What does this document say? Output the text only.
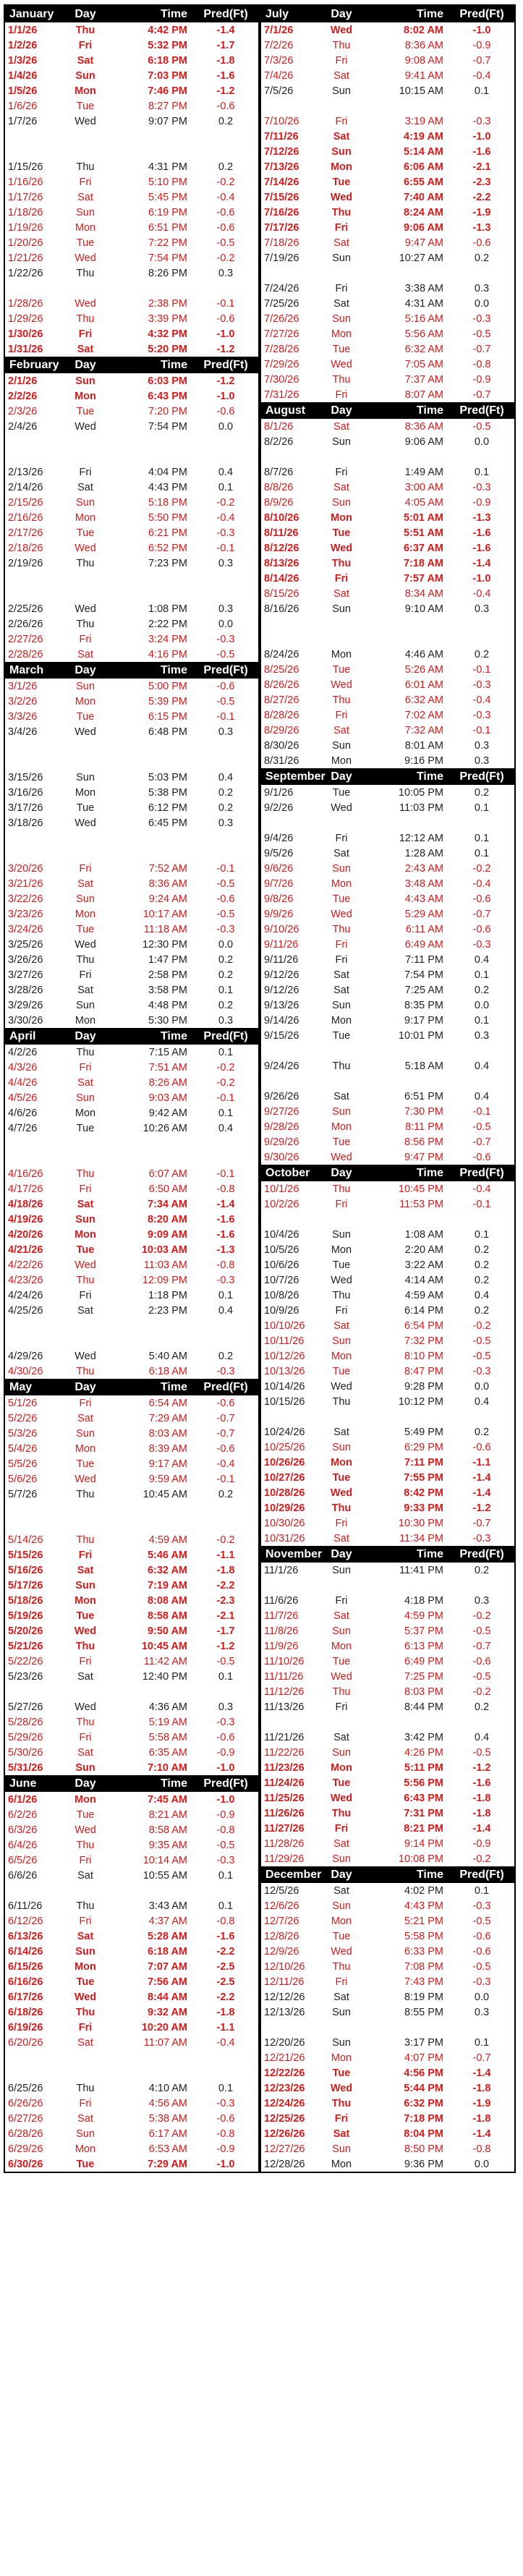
January	Day	Time	Pred(Ft)
1/1/26	Thu	4:42 PM	-1.4
1/2/26	Fri	5:32 PM	-1.7
1/3/26	Sat	6:18 PM	-1.8
1/4/26	Sun	7:03 PM	-1.6
1/5/26	Mon	7:46 PM	-1.2
1/6/26	Tue	8:27 PM	-0.6
1/7/26	Wed	9:07 PM	0.2
1/15/26	Thu	4:31 PM	0.2
1/16/26	Fri	5:10 PM	-0.2
1/17/26	Sat	5:45 PM	-0.4
1/18/26	Sun	6:19 PM	-0.6
1/19/26	Mon	6:51 PM	-0.6
1/20/26	Tue	7:22 PM	-0.5
1/21/26	Wed	7:54 PM	-0.2
1/22/26	Thu	8:26 PM	0.3
1/28/26	Wed	2:38 PM	-0.1
1/29/26	Thu	3:39 PM	-0.6
1/30/26	Fri	4:32 PM	-1.0
1/31/26	Sat	5:20 PM	-1.2
February	Day	Time	Pred(Ft)
2/1/26	Sun	6:03 PM	-1.2
2/2/26	Mon	6:43 PM	-1.0
2/3/26	Tue	7:20 PM	-0.6
2/4/26	Wed	7:54 PM	0.0
2/13/26	Fri	4:04 PM	0.4
2/14/26	Sat	4:43 PM	0.1
2/15/26	Sun	5:18 PM	-0.2
2/16/26	Mon	5:50 PM	-0.4
2/17/26	Tue	6:21 PM	-0.3
2/18/26	Wed	6:52 PM	-0.1
2/19/26	Thu	7:23 PM	0.3
2/25/26	Wed	1:08 PM	0.3
2/26/26	Thu	2:22 PM	0.0
2/27/26	Fri	3:24 PM	-0.3
2/28/26	Sat	4:16 PM	-0.5
March	Day	Time	Pred(Ft)
3/1/26	Sun	5:00 PM	-0.6
3/2/26	Mon	5:39 PM	-0.5
3/3/26	Tue	6:15 PM	-0.1
3/4/26	Wed	6:48 PM	0.3
3/15/26	Sun	5:03 PM	0.4
3/16/26	Mon	5:38 PM	0.2
3/17/26	Tue	6:12 PM	0.2
3/18/26	Wed	6:45 PM	0.3
3/20/26	Fri	7:52 AM	-0.1
3/21/26	Sat	8:36 AM	-0.5
3/22/26	Sun	9:24 AM	-0.6
3/23/26	Mon	10:17 AM	-0.5
3/24/26	Tue	11:18 AM	-0.3
3/25/26	Wed	12:30 PM	0.0
3/26/26	Thu	1:47 PM	0.2
3/27/26	Fri	2:58 PM	0.2
3/28/26	Sat	3:58 PM	0.1
3/29/26	Sun	4:48 PM	0.2
3/30/26	Mon	5:30 PM	0.3
April	Day	Time	Pred(Ft)
4/2/26	Thu	7:15 AM	0.1
4/3/26	Fri	7:51 AM	-0.2
4/4/26	Sat	8:26 AM	-0.2
4/5/26	Sun	9:03 AM	-0.1
4/6/26	Mon	9:42 AM	0.1
4/7/26	Tue	10:26 AM	0.4
4/16/26	Thu	6:07 AM	-0.1
4/17/26	Fri	6:50 AM	-0.8
4/18/26	Sat	7:34 AM	-1.4
4/19/26	Sun	8:20 AM	-1.6
4/20/26	Mon	9:09 AM	-1.6
4/21/26	Tue	10:03 AM	-1.3
4/22/26	Wed	11:03 AM	-0.8
4/23/26	Thu	12:09 PM	-0.3
4/24/26	Fri	1:18 PM	0.1
4/25/26	Sat	2:23 PM	0.4
4/29/26	Wed	5:40 AM	0.2
4/30/26	Thu	6:18 AM	-0.3
May	Day	Time	Pred(Ft)
5/1/26	Fri	6:54 AM	-0.6
5/2/26	Sat	7:29 AM	-0.7
5/3/26	Sun	8:03 AM	-0.7
5/4/26	Mon	8:39 AM	-0.6
5/5/26	Tue	9:17 AM	-0.4
5/6/26	Wed	9:59 AM	-0.1
5/7/26	Thu	10:45 AM	0.2
5/14/26	Thu	4:59 AM	-0.2
5/15/26	Fri	5:46 AM	-1.1
5/16/26	Sat	6:32 AM	-1.8
5/17/26	Sun	7:19 AM	-2.2
5/18/26	Mon	8:08 AM	-2.3
5/19/26	Tue	8:58 AM	-2.1
5/20/26	Wed	9:50 AM	-1.7
5/21/26	Thu	10:45 AM	-1.2
5/22/26	Fri	11:42 AM	-0.5
5/23/26	Sat	12:40 PM	0.1
5/27/26	Wed	4:36 AM	0.3
5/28/26	Thu	5:19 AM	-0.3
5/29/26	Fri	5:58 AM	-0.6
5/30/26	Sat	6:35 AM	-0.9
5/31/26	Sun	7:10 AM	-1.0
June	Day	Time	Pred(Ft)
6/1/26	Mon	7:45 AM	-1.0
6/2/26	Tue	8:21 AM	-0.9
6/3/26	Wed	8:58 AM	-0.8
6/4/26	Thu	9:35 AM	-0.5
6/5/26	Fri	10:14 AM	-0.3
6/6/26	Sat	10:55 AM	0.1
6/11/26	Thu	3:43 AM	0.1
6/12/26	Fri	4:37 AM	-0.8
6/13/26	Sat	5:28 AM	-1.6
6/14/26	Sun	6:18 AM	-2.2
6/15/26	Mon	7:07 AM	-2.5
6/16/26	Tue	7:56 AM	-2.5
6/17/26	Wed	8:44 AM	-2.2
6/18/26	Thu	9:32 AM	-1.8
6/19/26	Fri	10:20 AM	-1.1
6/20/26	Sat	11:07 AM	-0.4
6/25/26	Thu	4:10 AM	0.1
6/26/26	Fri	4:56 AM	-0.3
6/27/26	Sat	5:38 AM	-0.6
6/28/26	Sun	6:17 AM	-0.8
6/29/26	Mon	6:53 AM	-0.9
6/30/26	Tue	7:29 AM	-1.0
July	Day	Time	Pred(Ft)
7/1/26	Wed	8:02 AM	-1.0
7/2/26	Thu	8:36 AM	-0.9
7/3/26	Fri	9:08 AM	-0.7
7/4/26	Sat	9:41 AM	-0.4
7/5/26	Sun	10:15 AM	0.1
7/10/26	Fri	3:19 AM	-0.3
7/11/26	Sat	4:19 AM	-1.0
7/12/26	Sun	5:14 AM	-1.6
7/13/26	Mon	6:06 AM	-2.1
7/14/26	Tue	6:55 AM	-2.3
7/15/26	Wed	7:40 AM	-2.2
7/16/26	Thu	8:24 AM	-1.9
7/17/26	Fri	9:06 AM	-1.3
7/18/26	Sat	9:47 AM	-0.6
7/19/26	Sun	10:27 AM	0.2
7/24/26	Fri	3:38 AM	0.3
7/25/26	Sat	4:31 AM	0.0
7/26/26	Sun	5:16 AM	-0.3
7/27/26	Mon	5:56 AM	-0.5
7/28/26	Tue	6:32 AM	-0.7
7/29/26	Wed	7:05 AM	-0.8
7/30/26	Thu	7:37 AM	-0.9
7/31/26	Fri	8:07 AM	-0.7
August	Day	Time	Pred(Ft)
8/1/26	Sat	8:36 AM	-0.5
8/2/26	Sun	9:06 AM	0.0
8/7/26	Fri	1:49 AM	0.1
8/8/26	Sat	3:00 AM	-0.3
8/9/26	Sun	4:05 AM	-0.9
8/10/26	Mon	5:01 AM	-1.3
8/11/26	Tue	5:51 AM	-1.6
8/12/26	Wed	6:37 AM	-1.6
8/13/26	Thu	7:18 AM	-1.4
8/14/26	Fri	7:57 AM	-1.0
8/15/26	Sat	8:34 AM	-0.4
8/16/26	Sun	9:10 AM	0.3
8/24/26	Mon	4:46 AM	0.2
8/25/26	Tue	5:26 AM	-0.1
8/26/26	Wed	6:01 AM	-0.3
8/27/26	Thu	6:32 AM	-0.4
8/28/26	Fri	7:02 AM	-0.3
8/29/26	Sat	7:32 AM	-0.1
8/30/26	Sun	8:01 AM	0.3
8/31/26	Mon	9:16 PM	0.3
September Day	Time	Pred(Ft)
9/1/26	Tue	10:05 PM	0.2
9/2/26	Wed	11:03 PM	0.1
9/4/26	Fri	12:12 AM	0.1
9/5/26	Sat	1:28 AM	0.1
9/6/26	Sun	2:43 AM	-0.2
9/7/26	Mon	3:48 AM	-0.4
9/8/26	Tue	4:43 AM	-0.6
9/9/26	Wed	5:29 AM	-0.7
9/10/26	Thu	6:11 AM	-0.6
9/11/26	Fri	6:49 AM	-0.3
9/11/26	Fri	7:11 PM	0.4
9/12/26	Sat	7:54 PM	0.1
9/12/26	Sat	7:25 AM	0.2
9/13/26	Sun	8:35 PM	0.0
9/14/26	Mon	9:17 PM	0.1
9/15/26	Tue	10:01 PM	0.3
9/24/26	Thu	5:18 AM	0.4
9/26/26	Sat	6:51 PM	0.4
9/27/26	Sun	7:30 PM	-0.1
9/28/26	Mon	8:11 PM	-0.5
9/29/26	Tue	8:56 PM	-0.7
9/30/26	Wed	9:47 PM	-0.6
October	Day	Time	Pred(Ft)
10/1/26	Thu	10:45 PM	-0.4
10/2/26	Fri	11:53 PM	-0.1
10/4/26	Sun	1:08 AM	0.1
10/5/26	Mon	2:20 AM	0.2
10/6/26	Tue	3:22 AM	0.2
10/7/26	Wed	4:14 AM	0.2
10/8/26	Thu	4:59 AM	0.4
10/9/26	Fri	6:14 PM	0.2
10/10/26	Sat	6:54 PM	-0.2
10/11/26	Sun	7:32 PM	-0.5
10/12/26	Mon	8:10 PM	-0.5
10/13/26	Tue	8:47 PM	-0.3
10/14/26	Wed	9:28 PM	0.0
10/15/26	Thu	10:12 PM	0.4
10/24/26	Sat	5:49 PM	0.2
10/25/26	Sun	6:29 PM	-0.6
10/26/26	Mon	7:11 PM	-1.1
10/27/26	Tue	7:55 PM	-1.4
10/28/26	Wed	8:42 PM	-1.4
10/29/26	Thu	9:33 PM	-1.2
10/30/26	Fri	10:30 PM	-0.7
10/31/26	Sat	11:34 PM	-0.3
November Day	Time	Pred(Ft)
11/1/26	Sun	11:41 PM	0.2
11/6/26	Fri	4:18 PM	0.3
11/7/26	Sat	4:59 PM	-0.2
11/8/26	Sun	5:37 PM	-0.5
11/9/26	Mon	6:13 PM	-0.7
11/10/26	Tue	6:49 PM	-0.6
11/11/26	Wed	7:25 PM	-0.5
11/12/26	Thu	8:03 PM	-0.2
11/13/26	Fri	8:44 PM	0.2
11/21/26	Sat	3:42 PM	0.4
11/22/26	Sun	4:26 PM	-0.5
11/23/26	Mon	5:11 PM	-1.2
11/24/26	Tue	5:56 PM	-1.6
11/25/26	Wed	6:43 PM	-1.8
11/26/26	Thu	7:31 PM	-1.8
11/27/26	Fri	8:21 PM	-1.4
11/28/26	Sat	9:14 PM	-0.9
11/29/26	Sun	10:08 PM	-0.2
December Day	Time	Pred(Ft)
12/5/26	Sat	4:02 PM	0.1
12/6/26	Sun	4:43 PM	-0.3
12/7/26	Mon	5:21 PM	-0.5
12/8/26	Tue	5:58 PM	-0.6
12/9/26	Wed	6:33 PM	-0.6
12/10/26	Thu	7:08 PM	-0.5
12/11/26	Fri	7:43 PM	-0.3
12/12/26	Sat	8:19 PM	0.0
12/13/26	Sun	8:55 PM	0.3
12/20/26	Sun	3:17 PM	0.1
12/21/26	Mon	4:07 PM	-0.7
12/22/26	Tue	4:56 PM	-1.4
12/23/26	Wed	5:44 PM	-1.8
12/24/26	Thu	6:32 PM	-1.9
12/25/26	Fri	7:18 PM	-1.8
12/26/26	Sat	8:04 PM	-1.4
12/27/26	Sun	8:50 PM	-0.8
12/28/26	Mon	9:36 PM	0.0
